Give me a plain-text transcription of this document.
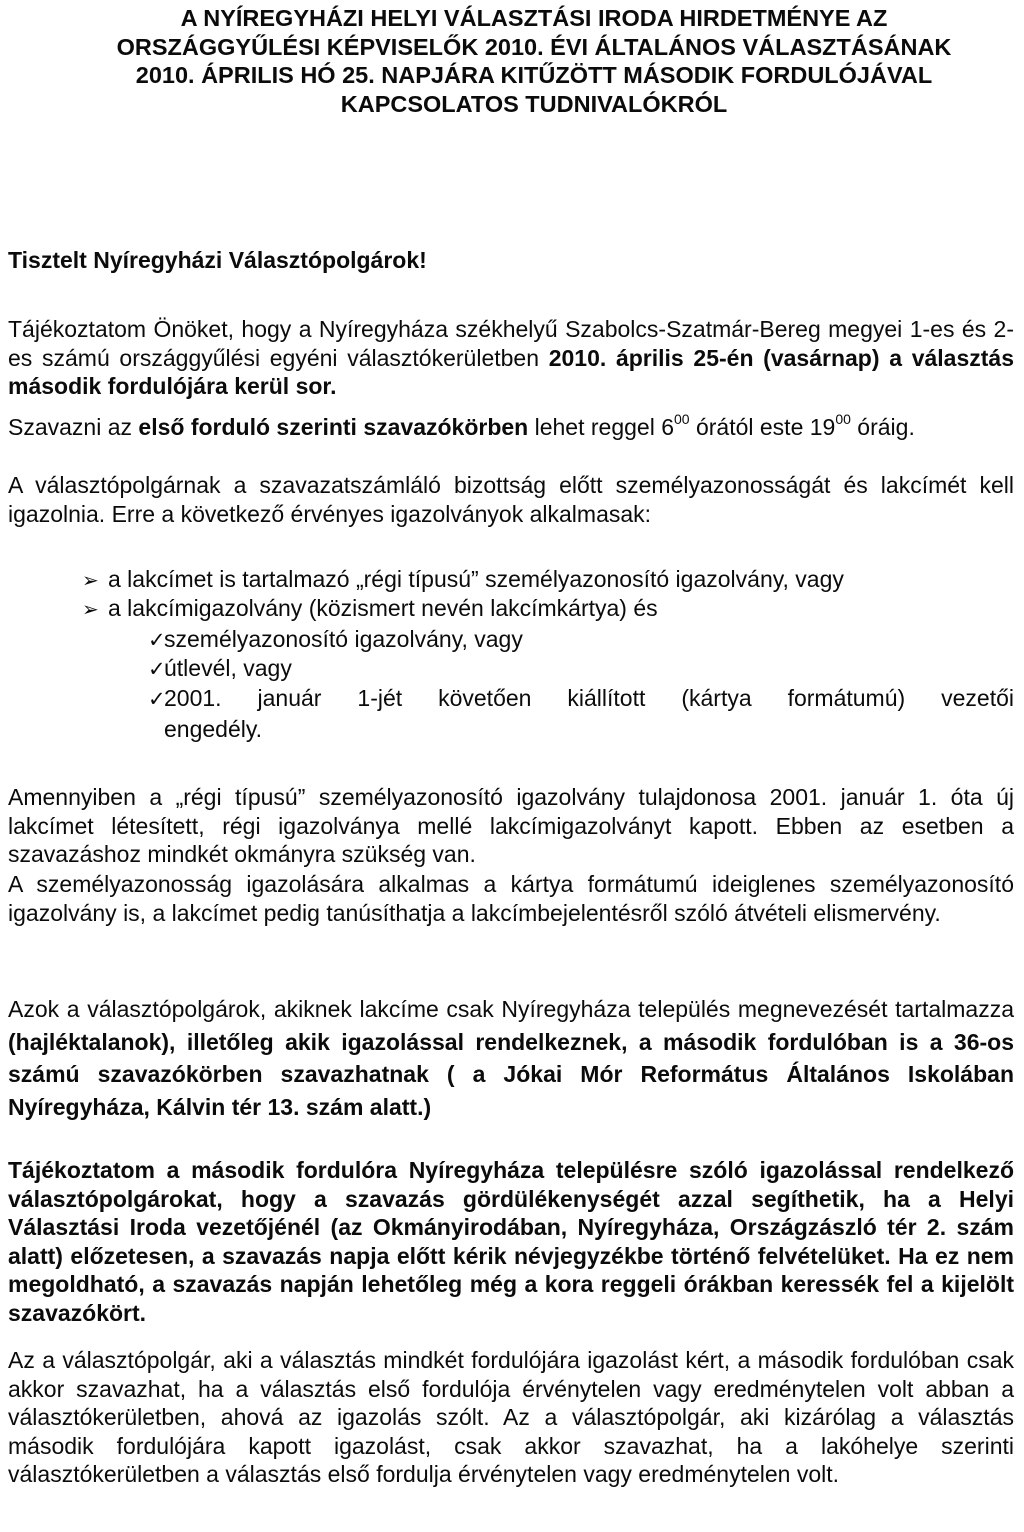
A NYÍREGYHÁZI HELYI VÁLASZTÁSI IRODA HIRDETMÉNYE AZ
ORSZÁGGYŰLÉSI KÉPVISELŐK 2010. ÉVI ÁLTALÁNOS VÁLASZTÁSÁNAK
2010. ÁPRILIS HÓ 25. NAPJÁRA KITŰZÖTT MÁSODIK FORDULÓJÁVAL
KAPCSOLATOS TUDNIVALÓKRÓL

Tisztelt Nyíregyházi Választópolgárok!

Tájékoztatom Önöket, hogy a Nyíregyháza székhelyű Szabolcs-Szatmár-Bereg megyei 1-es és 2-es számú országgyűlési egyéni választókerületben 2010. április 25-én (vasárnap) a választás második fordulójára kerül sor.

Szavazni az első forduló szerinti szavazókörben lehet reggel $6^{00}$ órától este $19^{00}$ óráig.

A választópolgárnak a szavazatszámláló bizottság előtt személyazonosságát és lakcímét kell igazolnia. Erre a következő érvényes igazolványok alkalmasak:

➢ a lakcímet is tartalmazó „régi típusú” személyazonosító igazolvány, vagy

➢ a lakcímigazolvány (közismert nevén lakcímkártya) és

✓személyazonosító igazolvány, vagy

✓útlevél, vagy

✓2001. január 1-jét követően kiállított (kártya formátumú) vezetői
engedély.

Amennyiben a „régi típusú” személyazonosító igazolvány tulajdonosa 2001. január 1. óta új lakcímet létesített, régi igazolványa mellé lakcímigazolványt kapott. Ebben az esetben a szavazáshoz mindkét okmányra szükség van.

A személyazonosság igazolására alkalmas a kártya formátumú ideiglenes személyazonosító igazolvány is, a lakcímet pedig tanúsíthatja a lakcímbejelentésről szóló átvételi elismervény.

Azok a választópolgárok, akiknek lakcíme csak Nyíregyháza település megnevezését tartalmazza (hajléktalanok), illetőleg akik igazolással rendelkeznek, a második fordulóban is a 36-os számú szavazókörben szavazhatnak ( a Jókai Mór Református Általános Iskolában Nyíregyháza, Kálvin tér 13. szám alatt.)

Tájékoztatom a második fordulóra Nyíregyháza településre szóló igazolással rendelkező választópolgárokat, hogy a szavazás gördülékenységét azzal segíthetik, ha a Helyi Választási Iroda vezetőjénél (az Okmányirodában, Nyíregyháza, Országzászló tér 2. szám alatt) előzetesen, a szavazás napja előtt kérik névjegyzékbe történő felvételüket. Ha ez nem megoldható, a szavazás napján lehetőleg még a kora reggeli órákban keressék fel a kijelölt szavazókört.

Az a választópolgár, aki a választás mindkét fordulójára igazolást kért, a második fordulóban csak akkor szavazhat, ha a választás első fordulója érvénytelen vagy eredménytelen volt abban a választókerületben, ahová az igazolás szólt. Az a választópolgár, aki kizárólag a választás második fordulójára kapott igazolást, csak akkor szavazhat, ha a lakóhelye szerinti választókerületben a választás első fordulja érvénytelen vagy eredménytelen volt.
